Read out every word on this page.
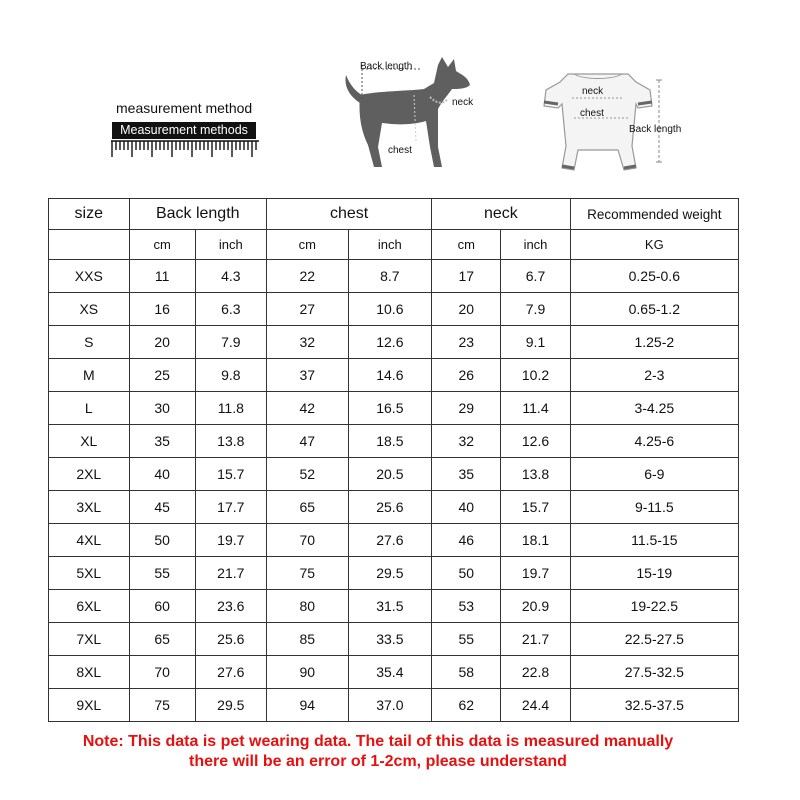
measurement method
Measurement methods
Back length
neck
chest
neck
chest
Back length
size	Back length		chest		neck		Recommended weight
	cm	inch	cm	inch	cm	inch	KG
XXS	11	4.3	22	8.7	17	6.7	0.25-0.6
XS	16	6.3	27	10.6	20	7.9	0.65-1.2
S	20	7.9	32	12.6	23	9.1	1.25-2
M	25	9.8	37	14.6	26	10.2	2-3
L	30	11.8	42	16.5	29	11.4	3-4.25
XL	35	13.8	47	18.5	32	12.6	4.25-6
2XL	40	15.7	52	20.5	35	13.8	6-9
3XL	45	17.7	65	25.6	40	15.7	9-11.5
4XL	50	19.7	70	27.6	46	18.1	11.5-15
5XL	55	21.7	75	29.5	50	19.7	15-19
6XL	60	23.6	80	31.5	53	20.9	19-22.5
7XL	65	25.6	85	33.5	55	21.7	22.5-27.5
8XL	70	27.6	90	35.4	58	22.8	27.5-32.5
9XL	75	29.5	94	37.0	62	24.4	32.5-37.5
Note: This data is pet wearing data. The tail of this data is measured manually
there will be an error of 1-2cm, please understand
